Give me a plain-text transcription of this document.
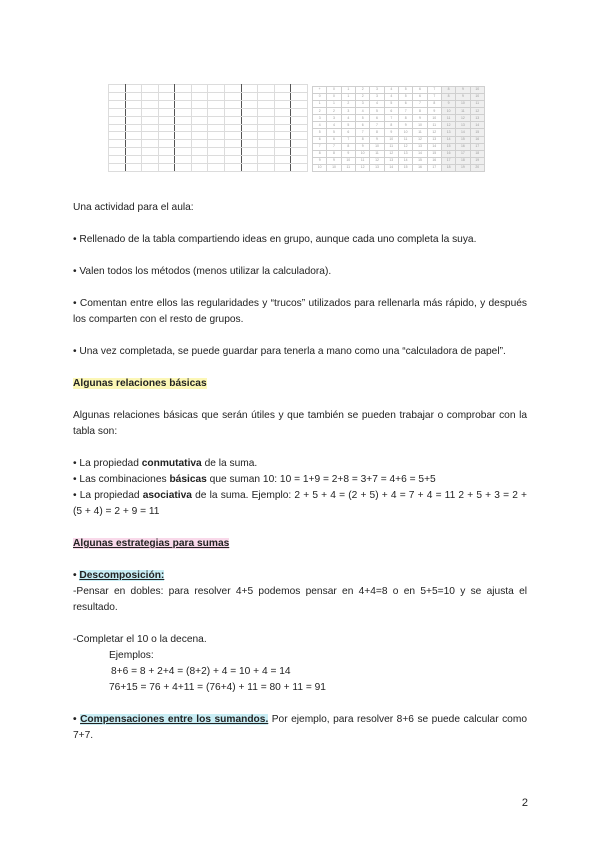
+	0	1	2	3	4	5	6	7	8	9	10
0	0	1	2	3	4	5	6	7	8	9	10
1	1	2	3	4	5	6	7	8	9	10	11
2	2	3	4	5	6	7	8	9	10	11	12
3	3	4	5	6	7	8	9	10	11	12	13
4	4	5	6	7	8	9	10	11	12	13	14
5	5	6	7	8	9	10	11	12	13	14	15
6	6	7	8	9	10	11	12	13	14	15	16
7	7	8	9	10	11	12	13	14	15	16	17
8	8	9	10	11	12	13	14	15	16	17	18
9	9	10	11	12	13	14	15	16	17	18	19
10	10	11	12	13	14	15	16	17	18	19	20

Una actividad para el aula:

• Rellenado de la tabla compartiendo ideas en grupo, aunque cada uno completa la suya.

• Valen todos los métodos (menos utilizar la calculadora).

• Comentan entre ellos las regularidades y “trucos” utilizados para rellenarla más rápido, y después los comparten con el resto de grupos.

• Una vez completada, se puede guardar para tenerla a mano como una “calculadora de papel”.

Algunas relaciones básicas

Algunas relaciones básicas que serán útiles y que también se pueden trabajar o comprobar con la tabla son:

• La propiedad conmutativa de la suma.

• Las combinaciones básicas que suman 10: 10 = 1+9 = 2+8 = 3+7 = 4+6 = 5+5

• La propiedad asociativa de la suma. Ejemplo: 2 + 5 + 4 = (2 + 5) + 4 = 7 + 4 = 11 2 + 5 + 3 = 2 + (5 + 4) = 2 + 9 = 11

Algunas estrategias para sumas

• Descomposición:

-Pensar en dobles: para resolver 4+5 podemos pensar en 4+4=8 o en 5+5=10 y se ajusta el resultado.

-Completar el 10 o la decena.

Ejemplos:

8+6 = 8 + 2+4 = (8+2) + 4 = 10 + 4 = 14

76+15 = 76 + 4+11 = (76+4) + 11 = 80 + 11 = 91

• Compensaciones entre los sumandos. Por ejemplo, para resolver 8+6 se puede calcular como 7+7.

2
